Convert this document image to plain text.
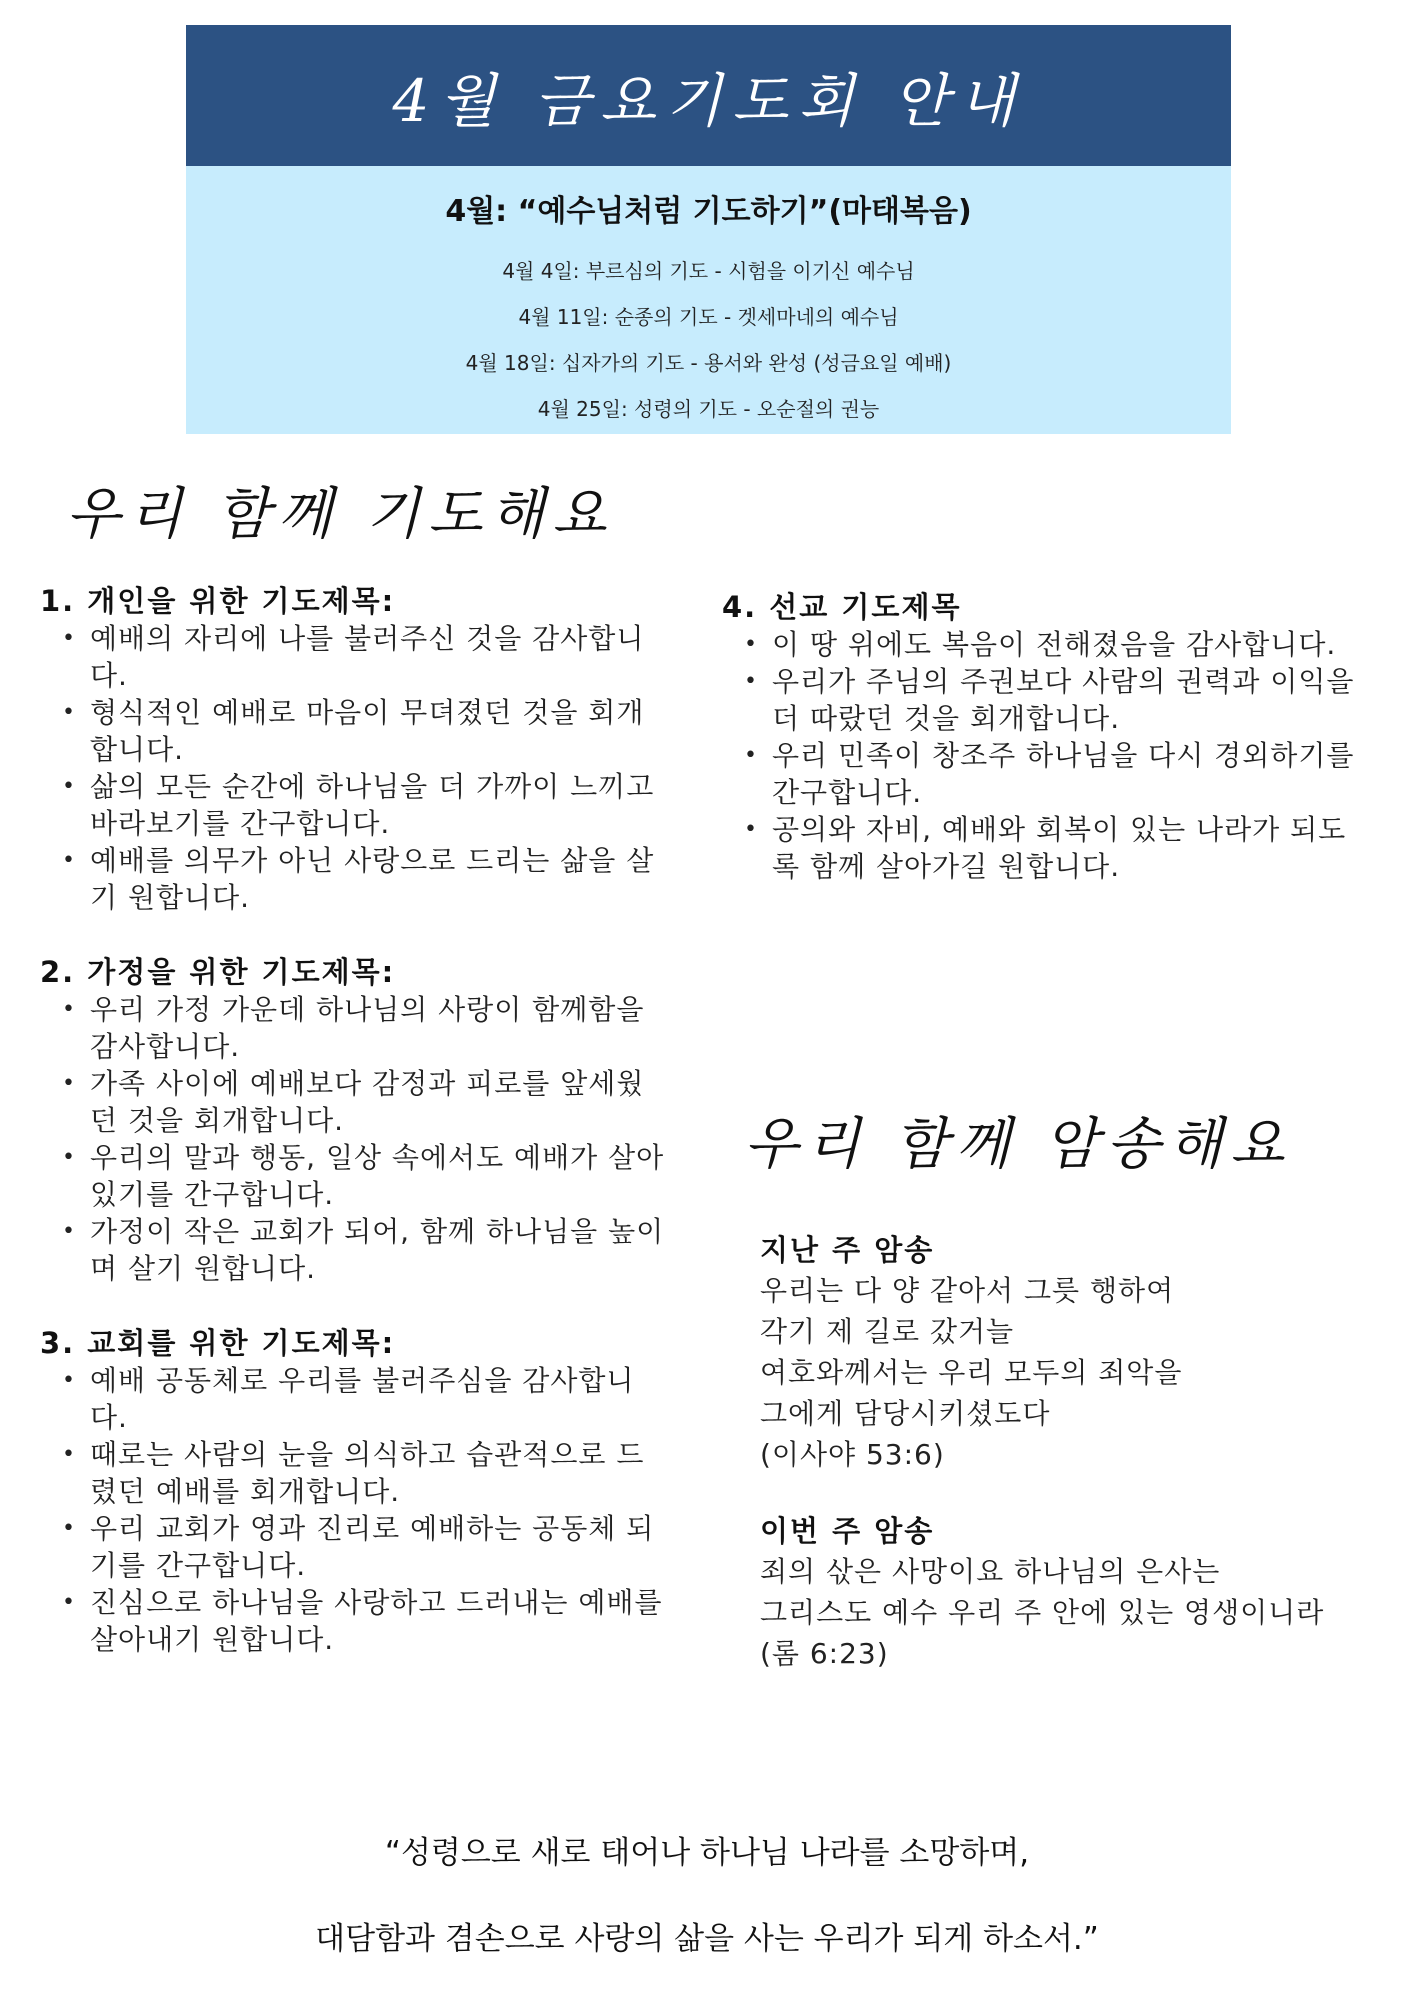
4월 금요기도회 안내
4월: “예수님처럼 기도하기”(마태복음)
4월 4일: 부르심의 기도 - 시험을 이기신 예수님
4월 11일: 순종의 기도 - 겟세마네의 예수님
4월 18일: 십자가의 기도 - 용서와 완성 (성금요일 예배)
4월 25일: 성령의 기도 - 오순절의 권능
우리 함께 기도해요
1. 개인을 위한 기도제목:
• 예배의 자리에 나를 불러주신 것을 감사합니다.
• 형식적인 예배로 마음이 무뎌졌던 것을 회개합니다.
• 삶의 모든 순간에 하나님을 더 가까이 느끼고 바라보기를 간구합니다.
• 예배를 의무가 아닌 사랑으로 드리는 삶을 살기 원합니다.
2. 가정을 위한 기도제목:
• 우리 가정 가운데 하나님의 사랑이 함께함을 감사합니다.
• 가족 사이에 예배보다 감정과 피로를 앞세웠던 것을 회개합니다.
• 우리의 말과 행동, 일상 속에서도 예배가 살아있기를 간구합니다.
• 가정이 작은 교회가 되어, 함께 하나님을 높이며 살기 원합니다.
3. 교회를 위한 기도제목:
• 예배 공동체로 우리를 불러주심을 감사합니다.
• 때로는 사람의 눈을 의식하고 습관적으로 드렸던 예배를 회개합니다.
• 우리 교회가 영과 진리로 예배하는 공동체 되기를 간구합니다.
• 진심으로 하나님을 사랑하고 드러내는 예배를 살아내기 원합니다.
4. 선교 기도제목
• 이 땅 위에도 복음이 전해졌음을 감사합니다.
• 우리가 주님의 주권보다 사람의 권력과 이익을 더 따랐던 것을 회개합니다.
• 우리 민족이 창조주 하나님을 다시 경외하기를 간구합니다.
• 공의와 자비, 예배와 회복이 있는 나라가 되도록 함께 살아가길 원합니다.
우리 함께 암송해요
지난 주 암송
우리는 다 양 같아서 그릇 행하여
각기 제 길로 갔거늘
여호와께서는 우리 모두의 죄악을
그에게 담당시키셨도다
(이사야 53:6)
이번 주 암송
죄의 삯은 사망이요 하나님의 은사는
그리스도 예수 우리 주 안에 있는 영생이니라
(롬 6:23)
“성령으로 새로 태어나 하나님 나라를 소망하며,
대담함과 겸손으로 사랑의 삶을 사는 우리가 되게 하소서.”
